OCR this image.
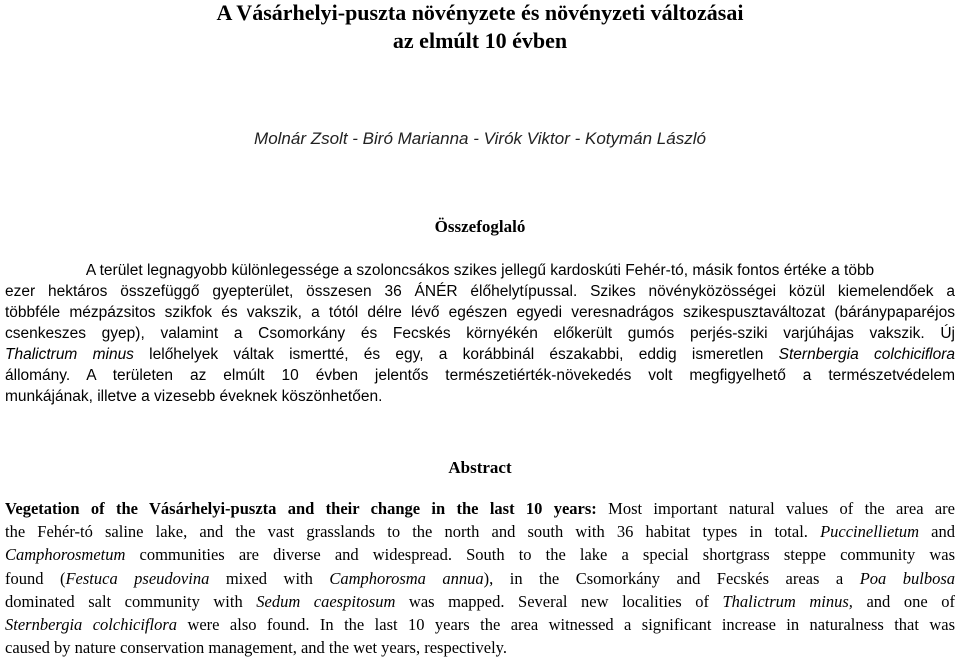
A Vásárhelyi-puszta növényzete és növényzeti változásai
az elmúlt 10 évben
Molnár Zsolt - Biró Marianna - Virók Viktor - Kotymán László
Összefoglaló
A terület legnagyobb különlegessége a szoloncsákos szikes jellegű kardoskúti Fehér-tó, másik fontos értéke a több
ezer hektáros összefüggő gyepterület, összesen 36 ÁNÉR élőhelytípussal. Szikes növényközösségei közül kiemelendőek a
többféle mézpázsitos szikfok és vakszik, a tótól délre lévő egészen egyedi veresnadrágos szikespusztaváltozat (báránypaparéjos
csenkeszes gyep), valamint a Csomorkány és Fecskés környékén előkerült gumós perjés-sziki varjúhájas vakszik. Új
Thalictrum minus lelőhelyek váltak ismertté, és egy, a korábbinál északabbi, eddig ismeretlen Sternbergia colchiciflora
állomány. A területen az elmúlt 10 évben jelentős természetiérték-növekedés volt megfigyelhető a természetvédelem
munkájának, illetve a vizesebb éveknek köszönhetően.
Abstract
Vegetation of the Vásárhelyi-puszta and their change in the last 10 years: Most important natural values of the area are
the Fehér-tó saline lake, and the vast grasslands to the north and south with 36 habitat types in total. Puccinellietum and
Camphorosmetum communities are diverse and widespread. South to the lake a special shortgrass steppe community was
found (Festuca pseudovina mixed with Camphorosma annua), in the Csomorkány and Fecskés areas a Poa bulbosa
dominated salt community with Sedum caespitosum was mapped. Several new localities of Thalictrum minus, and one of
Sternbergia colchiciflora were also found. In the last 10 years the area witnessed a significant increase in naturalness that was
caused by nature conservation management, and the wet years, respectively.
